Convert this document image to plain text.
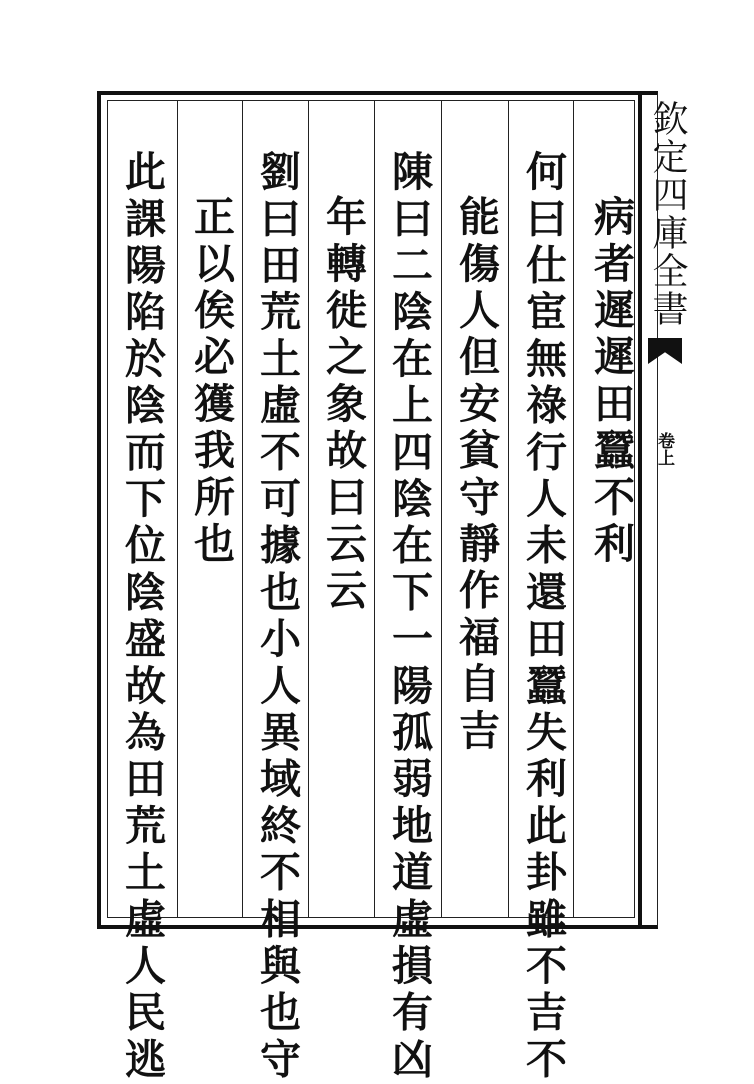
欽定四庫全書
卷上
病者遲遲田蠶不利
何曰仕宦無祿行人未還田蠶失利此卦雖不吉不
能傷人但安貧守靜作福自吉
陳曰二陰在上四陰在下一陽孤弱地道虛損有凶
年轉徙之象故曰云云
劉曰田荒土虛不可據也小人異域終不相與也守
正以俟必獲我所也
此課陽陷於陰而下位陰盛故為田荒土虛人民逃
